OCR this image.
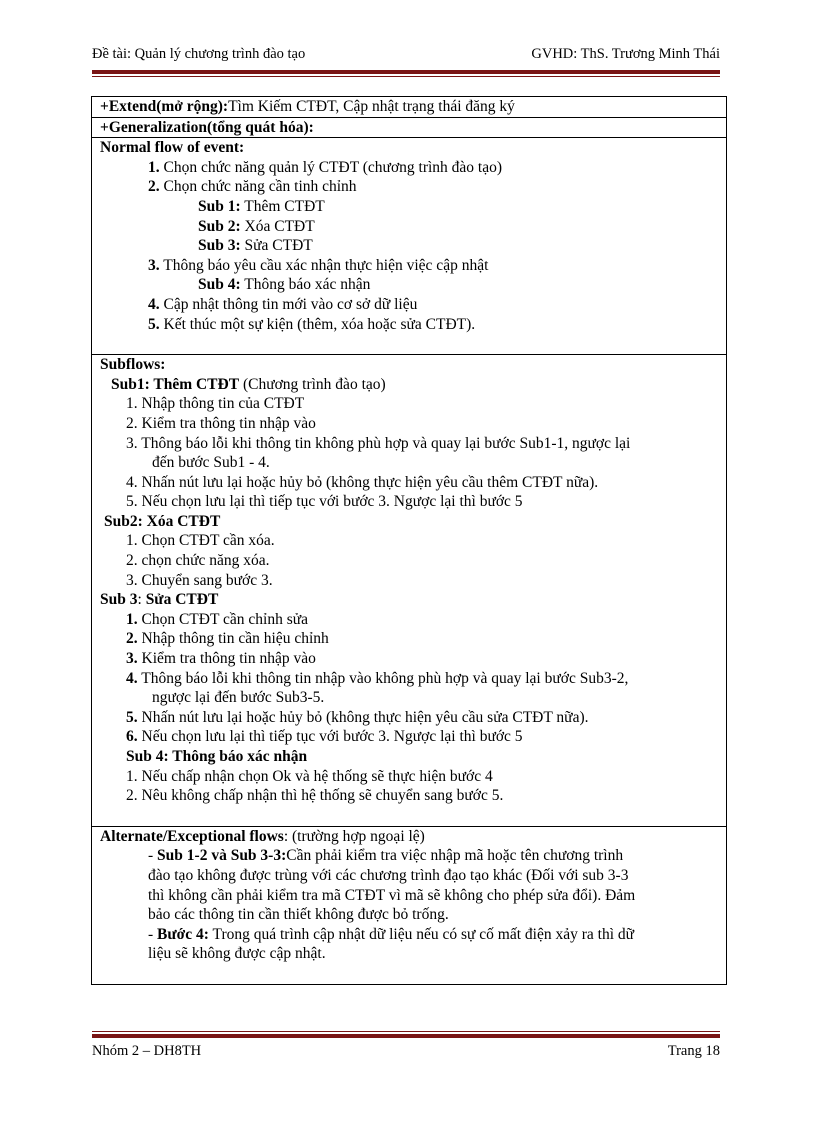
Đề tài: Quản lý chương trình đào tạo	GVHD: ThS. Trương Minh Thái
+Extend(mở rộng):Tìm Kiếm CTĐT, Cập nhật trạng thái đăng ký
+Generalization(tổng quát hóa):
Normal flow of event:
1. Chọn chức năng quản lý CTĐT (chương trình đào tạo)
2. Chọn chức năng cần tinh chỉnh
Sub 1: Thêm CTĐT
Sub 2: Xóa CTĐT
Sub 3: Sửa CTĐT
3. Thông báo yêu cầu xác nhận thực hiện việc cập nhật
Sub 4: Thông báo xác nhận
4. Cập nhật thông tin mới vào cơ sở dữ liệu
5. Kết thúc một sự kiện (thêm, xóa hoặc sửa CTĐT).
Subflows:
Sub1: Thêm CTĐT (Chương trình đào tạo)
1. Nhập thông tin của CTĐT
2. Kiểm tra thông tin nhập vào
3. Thông báo lỗi khi thông tin không phù hợp và quay lại bước Sub1-1, ngược lại
đến bước Sub1 - 4.
4. Nhấn nút lưu lại hoặc hủy bỏ (không thực hiện yêu cầu thêm CTĐT nữa).
5. Nếu chọn lưu lại thì tiếp tục với bước 3. Ngược lại thì bước 5
Sub2: Xóa CTĐT
1. Chọn CTĐT cần xóa.
2. chọn chức năng xóa.
3. Chuyển sang bước 3.
Sub 3: Sửa CTĐT
1. Chọn CTĐT cần chỉnh sửa
2. Nhập thông tin cần hiệu chỉnh
3. Kiểm tra thông tin nhập vào
4. Thông báo lỗi khi thông tin nhập vào không phù hợp và quay lại bước Sub3-2,
ngược lại đến bước Sub3-5.
5. Nhấn nút lưu lại hoặc hủy bỏ (không thực hiện yêu cầu sửa CTĐT nữa).
6. Nếu chọn lưu lại thì tiếp tục với bước 3. Ngược lại thì bước 5
Sub 4: Thông báo xác nhận
1. Nếu chấp nhận chọn Ok và hệ thống sẽ thực hiện bước 4
2. Nêu không chấp nhận thì hệ thống sẽ chuyển sang bước 5.
Alternate/Exceptional flows: (trường hợp ngoại lệ)
- Sub 1-2 và Sub 3-3:Cần phải kiểm tra việc nhập mã hoặc tên chương trình
đào tạo không được trùng với các chương trình đạo tạo khác (Đối với sub 3-3
thì không cần phải kiểm tra mã CTĐT vì mã sẽ không cho phép sửa đổi). Đảm
bảo các thông tin cần thiết không được bỏ trống.
- Bước 4: Trong quá trình cập nhật dữ liệu nếu có sự cố mất điện xảy ra thì dữ
liệu sẽ không được cập nhật.
Nhóm 2 – DH8TH	Trang 18
